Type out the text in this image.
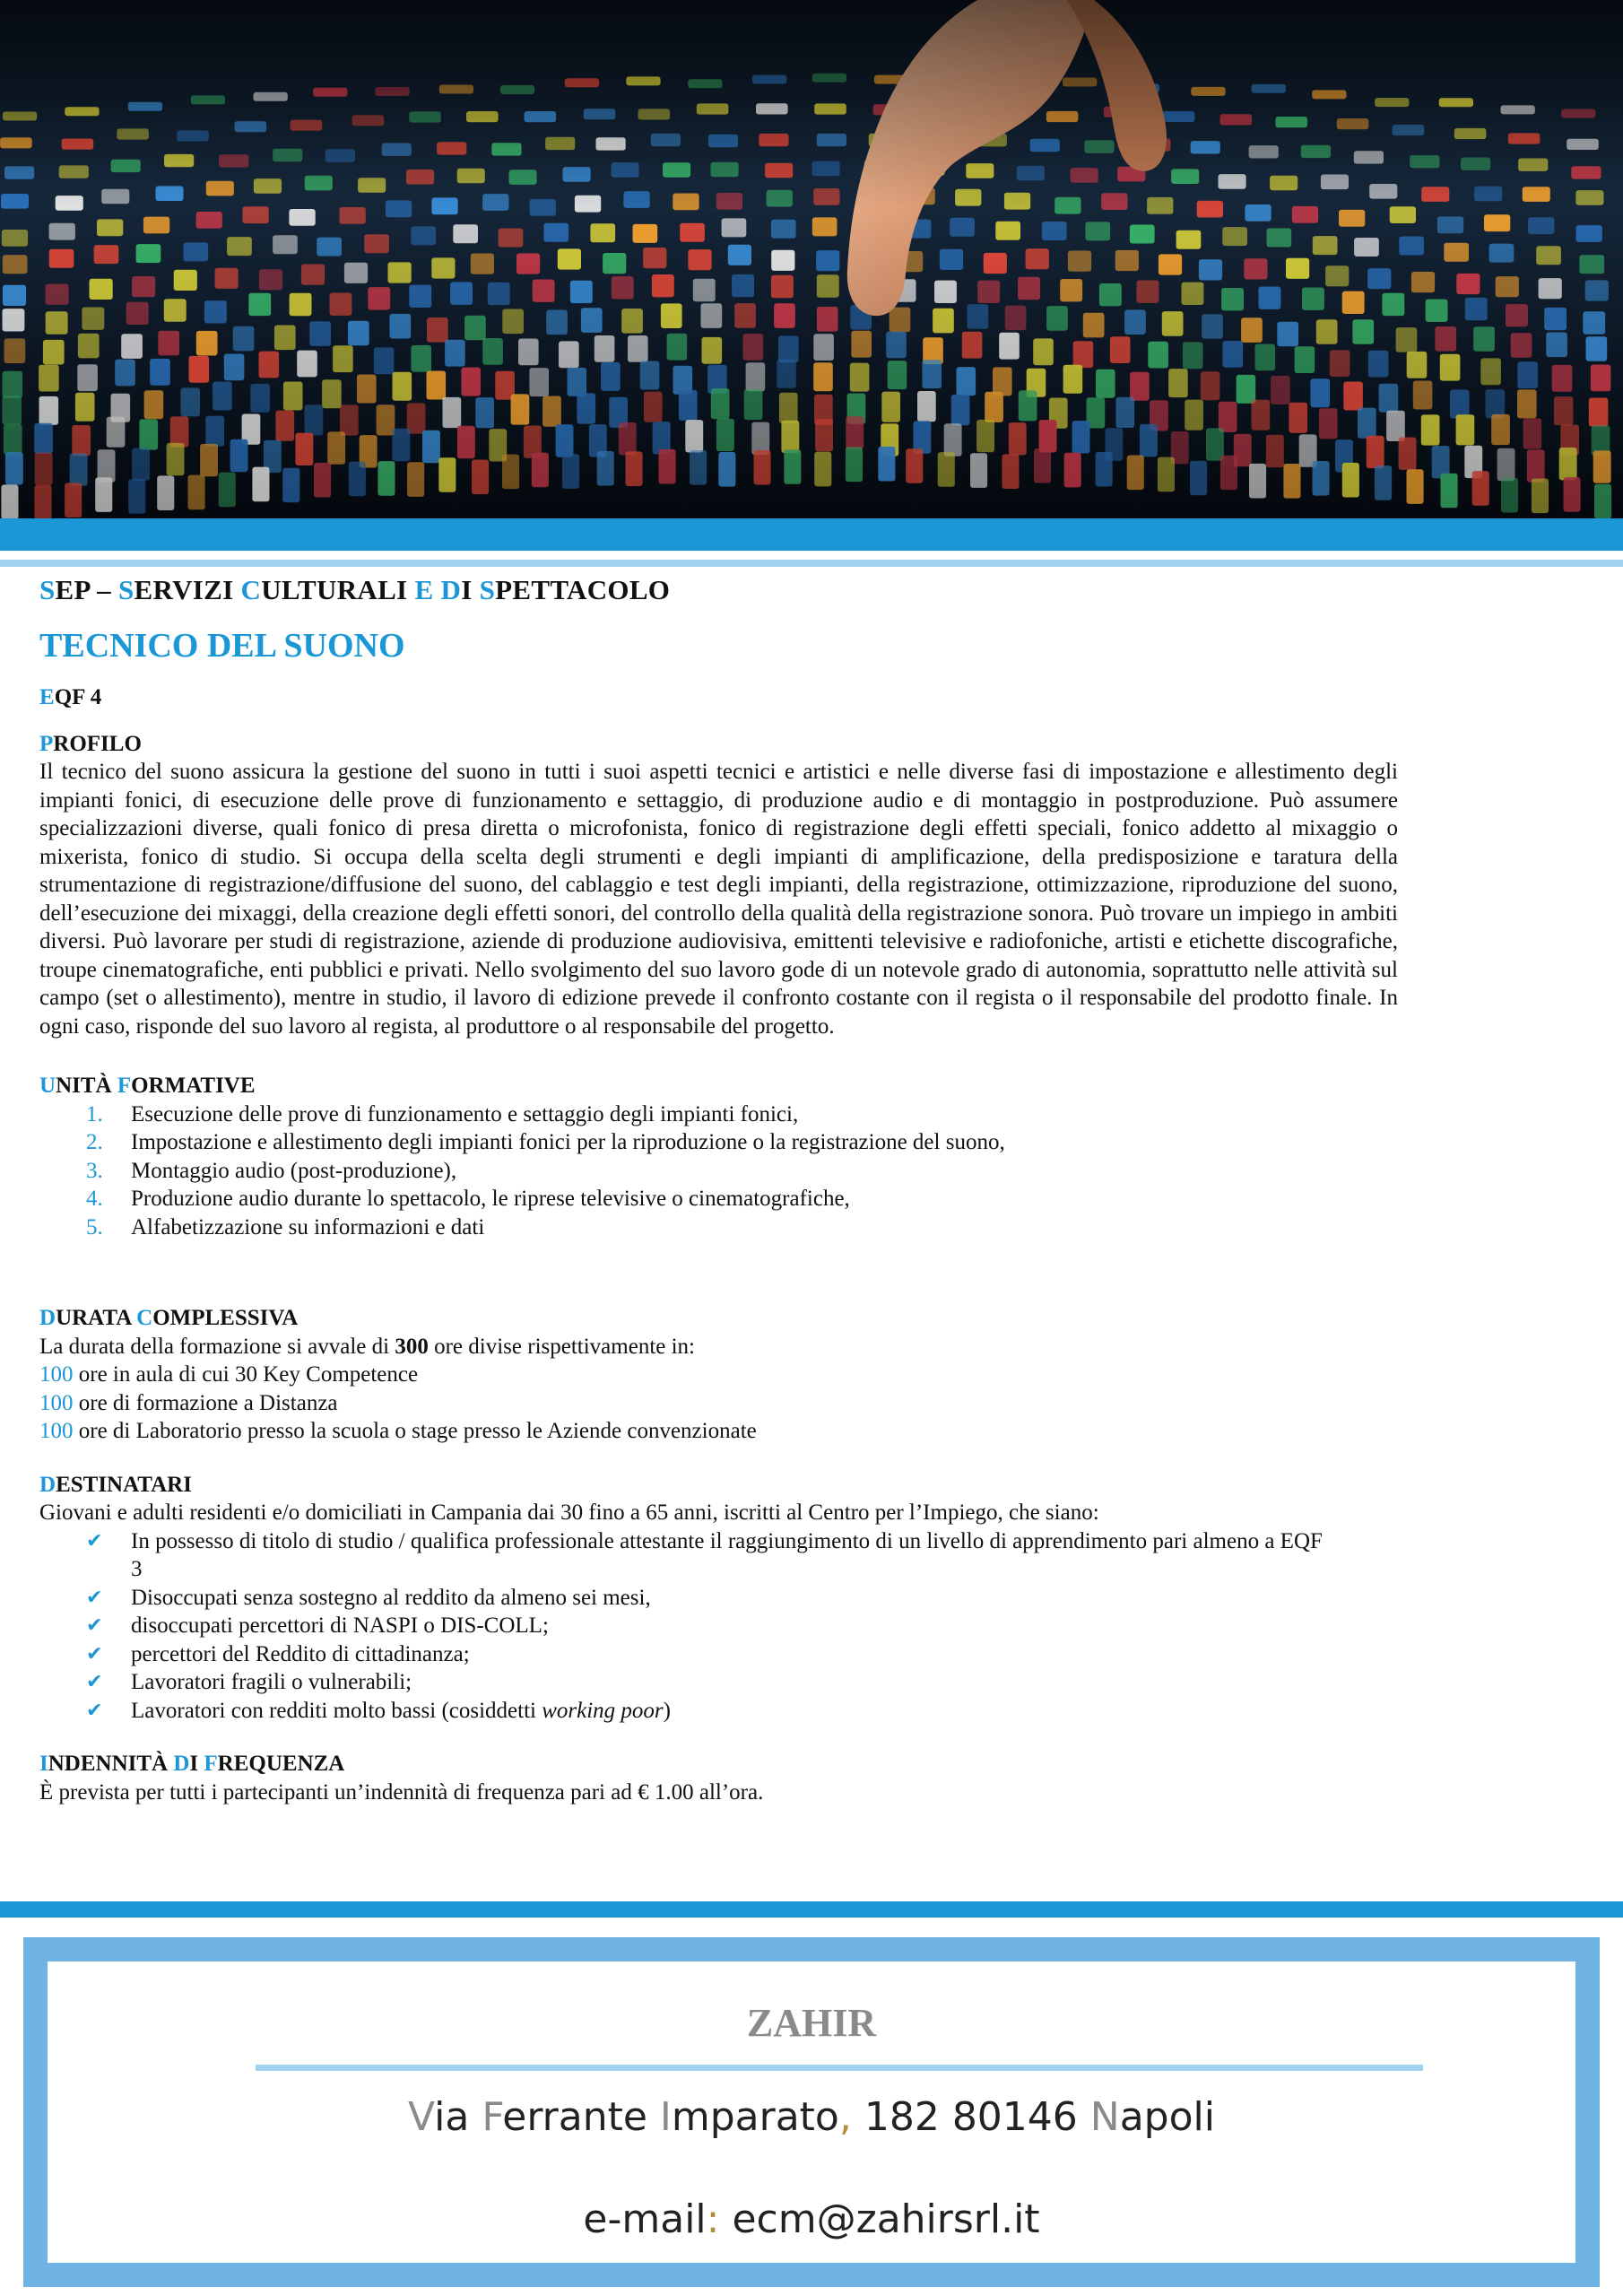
SEP – SERVIZI CULTURALI E DI SPETTACOLO
TECNICO DEL SUONO
EQF 4
PROFILO
Il tecnico del suono assicura la gestione del suono in tutti i suoi aspetti tecnici e artistici e nelle diverse fasi di impostazione e allestimento degli impianti fonici, di esecuzione delle prove di funzionamento e settaggio, di produzione audio e di montaggio in postproduzione. Può assumere specializzazioni diverse, quali fonico di presa diretta o microfonista, fonico di registrazione degli effetti speciali, fonico addetto al mixaggio o mixerista, fonico di studio. Si occupa della scelta degli strumenti e degli impianti di amplificazione, della predisposizione e taratura della strumentazione di registrazione/diffusione del suono, del cablaggio e test degli impianti, della registrazione, ottimizzazione, riproduzione del suono, dell’esecuzione dei mixaggi, della creazione degli effetti sonori, del controllo della qualità della registrazione sonora. Può trovare un impiego in ambiti diversi. Può lavorare per studi di registrazione, aziende di produzione audiovisiva, emittenti televisive e radiofoniche, artisti e etichette discografiche, troupe cinematografiche, enti pubblici e privati. Nello svolgimento del suo lavoro gode di un notevole grado di autonomia, soprattutto nelle attività sul campo (set o allestimento), mentre in studio, il lavoro di edizione prevede il confronto costante con il regista o il responsabile del prodotto finale. In ogni caso, risponde del suo lavoro al regista, al produttore o al responsabile del progetto.
UNITÀ FORMATIVE
1.	Esecuzione delle prove di funzionamento e settaggio degli impianti fonici,
2.	Impostazione e allestimento degli impianti fonici per la riproduzione o la registrazione del suono,
3.	Montaggio audio (post-produzione),
4.	Produzione audio durante lo spettacolo, le riprese televisive o cinematografiche,
5.	Alfabetizzazione su informazioni e dati
DURATA COMPLESSIVA
La durata della formazione si avvale di 300 ore divise rispettivamente in:
100 ore in aula di cui 30 Key Competence
100 ore di formazione a Distanza
100 ore di Laboratorio presso la scuola o stage presso le Aziende convenzionate
DESTINATARI
Giovani e adulti residenti e/o domiciliati in Campania dai 30 fino a 65 anni, iscritti al Centro per l’Impiego, che siano:
✔	In possesso di titolo di studio / qualifica professionale attestante il raggiungimento di un livello di apprendimento pari almeno a EQF 3
✔	Disoccupati senza sostegno al reddito da almeno sei mesi,
✔	disoccupati percettori di NASPI o DIS-COLL;
✔	percettori del Reddito di cittadinanza;
✔	Lavoratori fragili o vulnerabili;
✔	Lavoratori con redditi molto bassi (cosiddetti working poor)
INDENNITÀ DI FREQUENZA
È prevista per tutti i partecipanti un’indennità di frequenza pari ad € 1.00 all’ora.
ZAHIR
Via Ferrante Imparato, 182 80146 Napoli
e-mail: ecm@zahirsrl.it
